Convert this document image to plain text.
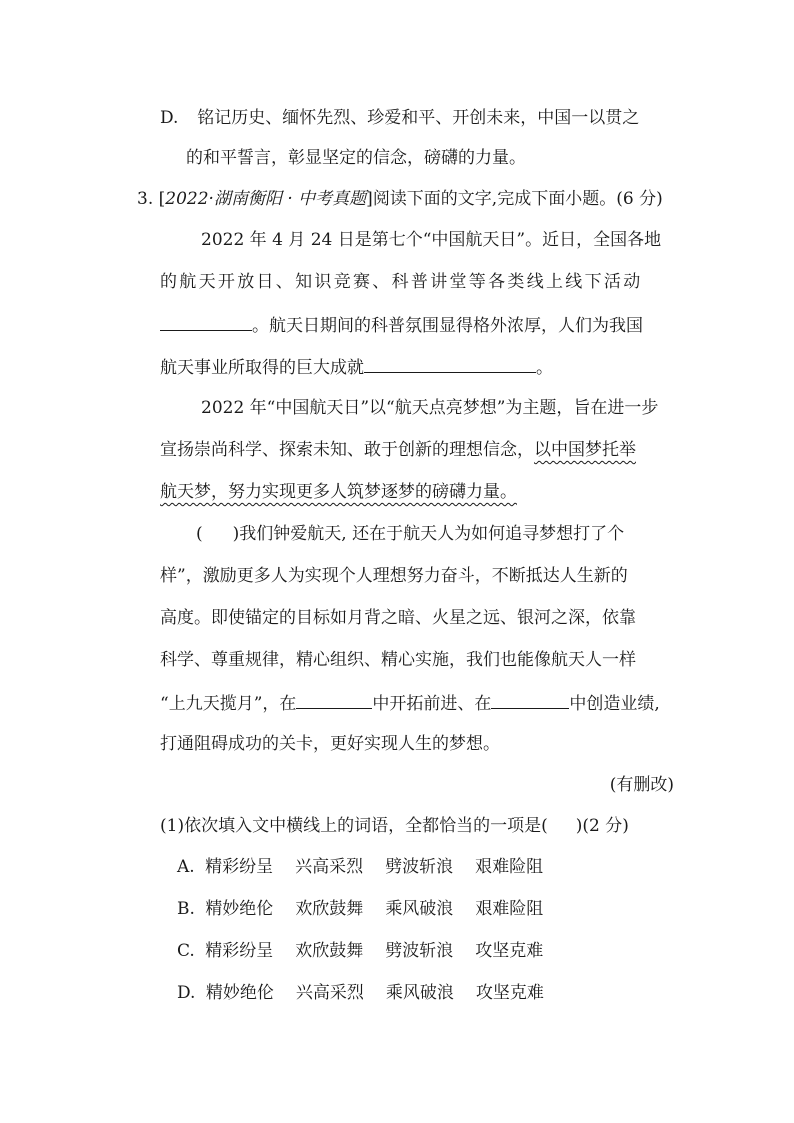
D. 铭记历史、缅怀先烈、珍爱和平、开创未来，中国一以贯之
的和平誓言，彰显坚定的信念，磅礴的力量。
3. [2022·湖南衡阳 · 中考真题]阅读下面的文字,完成下面小题。(6 分)
2022 年 4 月 24 日是第七个“中国航天日”。近日，全国各地
的航天开放日、知识竞赛、科普讲堂等各类线上线下活动
。航天日期间的科普氛围显得格外浓厚，人们为我国
航天事业所取得的巨大成就	。
2022 年“中国航天日”以“航天点亮梦想”为主题，旨在进一步
宣扬崇尚科学、探索未知、敢于创新的理想信念，以中国梦托举
航天梦，努力实现更多人筑梦逐梦的磅礴力量。
( )我们钟爱航天, 还在于航天人为如何追寻梦想打了个
样”，激励更多人为实现个人理想努力奋斗，不断抵达人生新的
高度。即使锚定的目标如月背之暗、火星之远、银河之深，依靠
科学、尊重规律，精心组织、精心实施，我们也能像航天人一样
“上九天揽月”，在	中开拓前进、在	中创造业绩,
打通阻碍成功的关卡，更好实现人生的梦想。
(有删改)
(1)依次填入文中横线上的词语，全都恰当的一项是( )(2 分)
A. 精彩纷呈 兴高采烈 劈波斩浪 艰难险阻
B. 精妙绝伦 欢欣鼓舞 乘风破浪 艰难险阻
C. 精彩纷呈 欢欣鼓舞 劈波斩浪 攻坚克难
D. 精妙绝伦 兴高采烈 乘风破浪 攻坚克难
